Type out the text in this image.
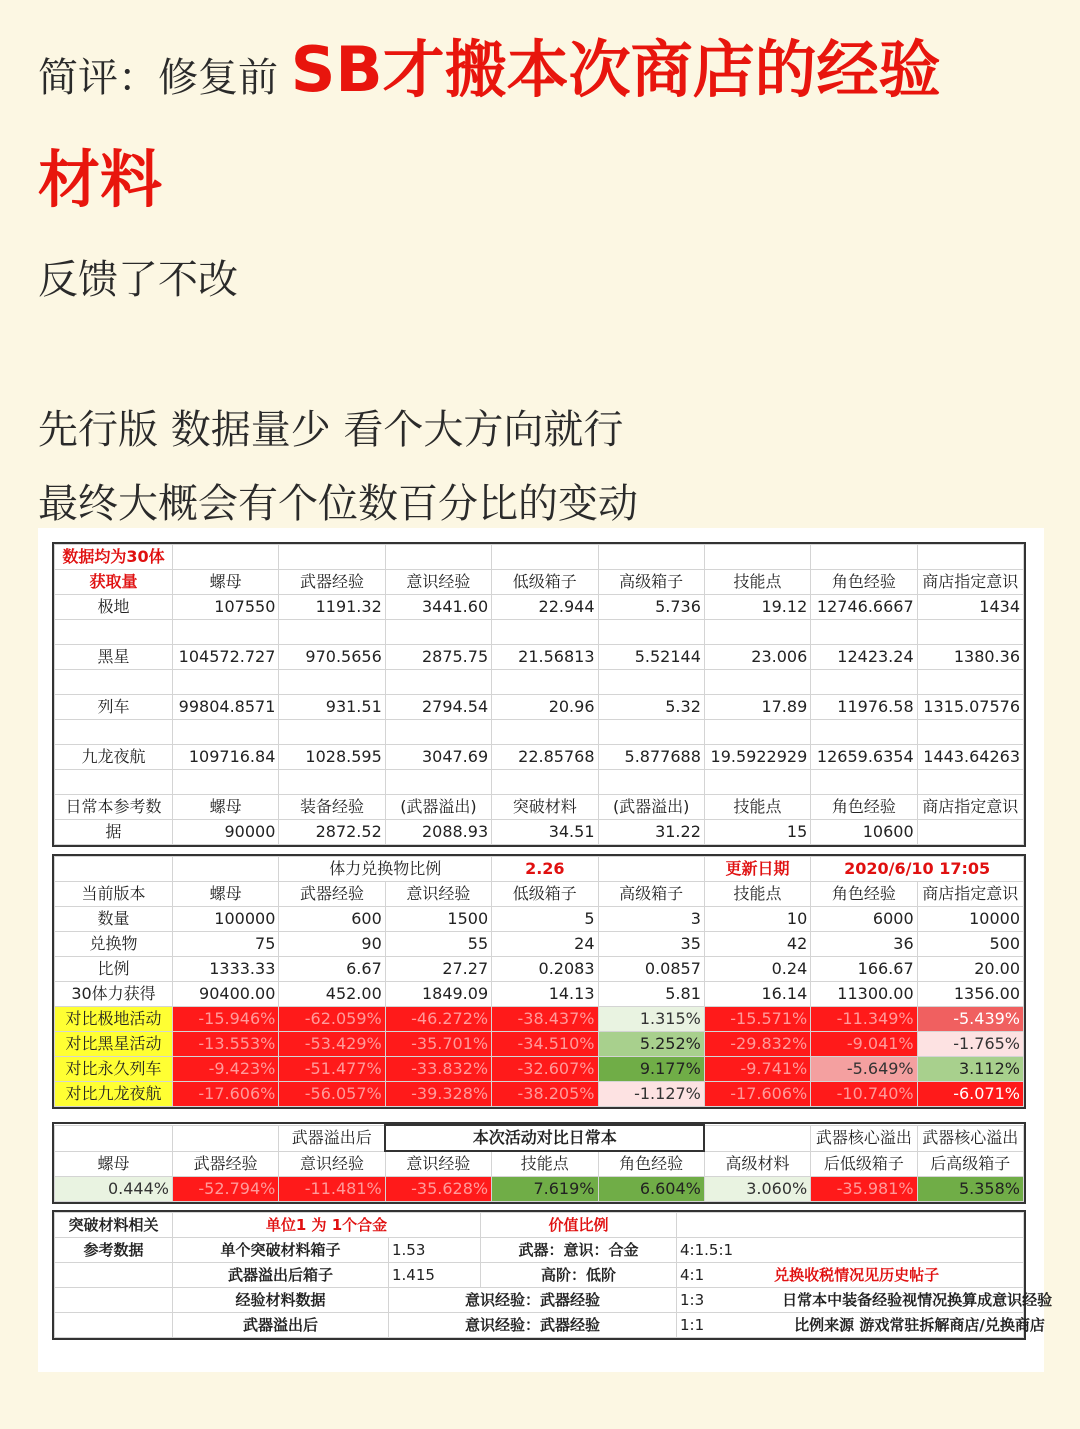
简评：修复前 SB才搬本次商店的经验
材料
反馈了不改
先行版 数据量少 看个大方向就行
最终大概会有个位数百分比的变动
数据均为30体								
获取量	螺母	武器经验	意识经验	低级箱子	高级箱子	技能点	角色经验	商店指定意识
极地	107550	1191.32	3441.60	22.944	5.736	19.12	12746.6667	1434

黑星	104572.727	970.5656	2875.75	21.56813	5.52144	23.006	12423.24	1380.36

列车	99804.8571	931.51	2794.54	20.96	5.32	17.89	11976.58	1315.07576

九龙夜航	109716.84	1028.595	3047.69	22.85768	5.877688	19.5922929	12659.6354	1443.64263

日常本参考数	螺母	装备经验	(武器溢出)	突破材料	(武器溢出)	技能点	角色经验	商店指定意识
据	90000	2872.52	2088.93	34.51	31.22	15	10600	
		体力兑换物比例		2.26		更新日期	2020/6/10 17:05	
当前版本	螺母	武器经验	意识经验	低级箱子	高级箱子	技能点	角色经验	商店指定意识
数量	100000	600	1500	5	3	10	6000	10000
兑换物	75	90	55	24	35	42	36	500
比例	1333.33	6.67	27.27	0.2083	0.0857	0.24	166.67	20.00
30体力获得	90400.00	452.00	1849.09	14.13	5.81	16.14	11300.00	1356.00
对比极地活动	-15.946%	-62.059%	-46.272%	-38.437%	1.315%	-15.571%	-11.349%	-5.439%
对比黑星活动	-13.553%	-53.429%	-35.701%	-34.510%	5.252%	-29.832%	-9.041%	-1.765%
对比永久列车	-9.423%	-51.477%	-33.832%	-32.607%	9.177%	-9.741%	-5.649%	3.112%
对比九龙夜航	-17.606%	-56.057%	-39.328%	-38.205%	-1.127%	-17.606%	-10.740%	-6.071%
		武器溢出后	本次活动对比日常本				武器核心溢出	武器核心溢出
螺母	武器经验	意识经验	意识经验	技能点	角色经验	高级材料	后低级箱子	后高级箱子
0.444%	-52.794%	-11.481%	-35.628%	7.619%	6.604%	3.060%	-35.981%	5.358%
突破材料相关	单位1 为 1个合金		价值比例	
参考数据	单个突破材料箱子	1.53	武器：意识：合金	4:1.5:1
	武器溢出后箱子	1.415	高阶：低阶	4:1 兑换收税情况见历史帖子
	经验材料数据	意识经验：武器经验		1:3 日常本中装备经验视情况换算成意识经验
	武器溢出后	意识经验：武器经验		1:1 比例来源 游戏常驻拆解商店/兑换商店
